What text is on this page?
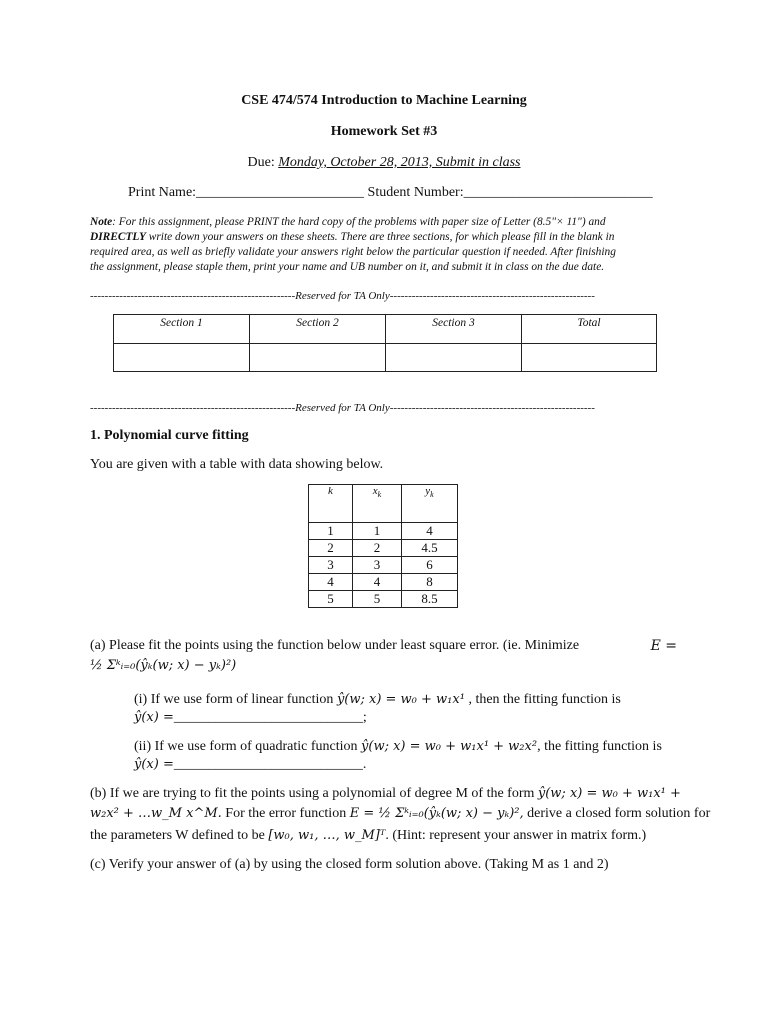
CSE 474/574 Introduction to Machine Learning
Homework Set #3
Due: Monday, October 28, 2013, Submit in class
Print Name:________________________ Student Number:___________________________
Note: For this assignment, please PRINT the hard copy of the problems with paper size of Letter (8.5"× 11") and
DIRECTLY write down your answers on these sheets. There are three sections, for which please fill in the blank in
required area, as well as briefly validate your answers right below the particular question if needed. After finishing
the assignment, please staple them, print your name and UB number on it, and submit it in class on the due date.
--------------------------------------------------------Reserved for TA Only--------------------------------------------------------
Section 1	Section 2	Section 3	Total

--------------------------------------------------------Reserved for TA Only--------------------------------------------------------
1. Polynomial curve fitting
You are given with a table with data showing below.
k	$x_k$	$y_k$
1	1	4
2	2	4.5
3	3	6
4	4	8
5	5	8.5
(a) Please fit the points using the function below under least square error. (ie. Minimize	E =
½ Σᵏᵢ₌₀(ŷₖ(w; x) − yₖ)²)
(i) If we use form of linear function ŷ(w; x) = w₀ + w₁x¹ , then the fitting function is
ŷ(x) =___________________________;
(ii) If we use form of quadratic function ŷ(w; x) = w₀ + w₁x¹ + w₂x², the fitting function is
ŷ(x) =___________________________.
(b) If we are trying to fit the points using a polynomial of degree M of the form ŷ(w; x) = w₀ + w₁x¹ +
w₂x² + …w_M x^M. For the error function E = ½ Σᵏᵢ₌₀(ŷₖ(w; x) − yₖ)², derive a closed form solution for
the parameters W defined to be [w₀, w₁, …, w_M]ᵀ. (Hint: represent your answer in matrix form.)
(c) Verify your answer of (a) by using the closed form solution above. (Taking M as 1 and 2)
